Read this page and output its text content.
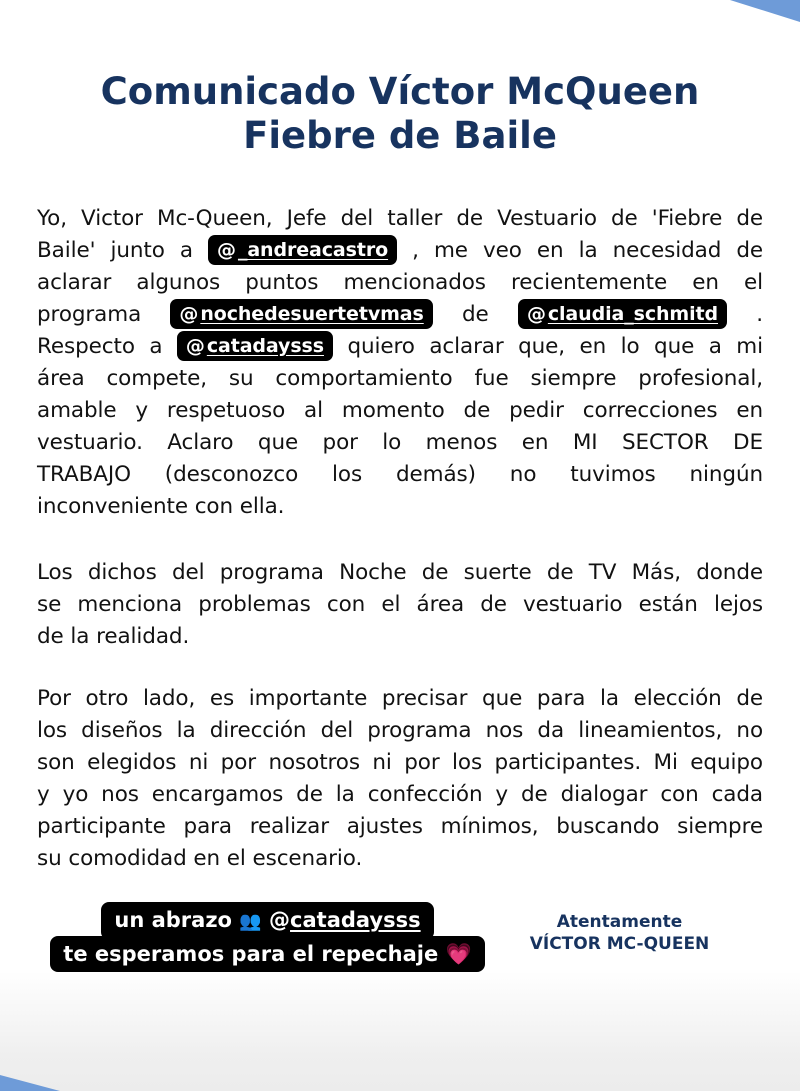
Comunicado Víctor McQueen
Fiebre de Baile
Yo, Victor Mc-Queen, Jefe del taller de Vestuario de 'Fiebre de
Baile' junto a @ _andreacastro , me veo en la necesidad de
aclarar algunos puntos mencionados recientemente en el
programa @ nochedesuertetvmas de @ claudia_schmitd .
Respecto a @ catadaysss quiero aclarar que, en lo que a mi
área compete, su comportamiento fue siempre profesional,
amable y respetuoso al momento de pedir correcciones en
vestuario. Aclaro que por lo menos en MI SECTOR DE
TRABAJO (desconozco los demás) no tuvimos ningún
inconveniente con ella.
Los dichos del programa Noche de suerte de TV Más, donde
se menciona problemas con el área de vestuario están lejos
de la realidad.
Por otro lado, es importante precisar que para la elección de
los diseños la dirección del programa nos da lineamientos, no
son elegidos ni por nosotros ni por los participantes. Mi equipo
y yo nos encargamos de la confección y de dialogar con cada
participante para realizar ajustes mínimos, buscando siempre
su comodidad en el escenario.
un abrazo 👥 @catadaysss
te esperamos para el repechaje 💗
Atentamente
VÍCTOR MC-QUEEN
